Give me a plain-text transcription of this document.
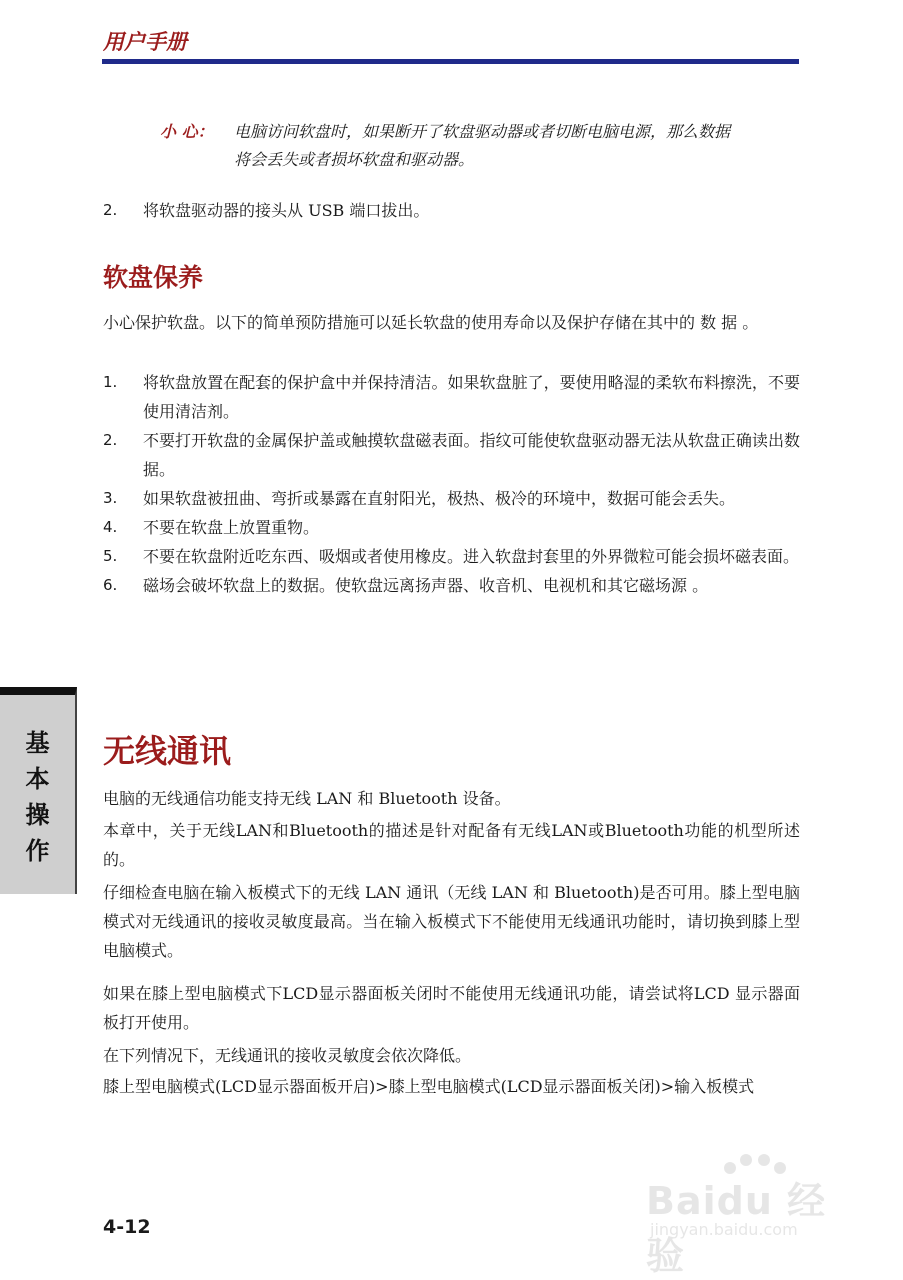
用户手册
小 心： 电脑访问软盘时，如果断开了软盘驱动器或者切断电脑电源，那么数据将会丢失或者损坏软盘和驱动器。
2. 将软盘驱动器的接头从 USB 端口拔出。
软盘保养
小心保护软盘。以下的简单预防措施可以延长软盘的使用寿命以及保护存储在其中的 数 据 。
1. 将软盘放置在配套的保护盒中并保持清洁。如果软盘脏了，要使用略湿的柔软布料擦洗，不要使用清洁剂。
2. 不要打开软盘的金属保护盖或触摸软盘磁表面。指纹可能使软盘驱动器无法从软盘正确读出数据。
3. 如果软盘被扭曲、弯折或暴露在直射阳光，极热、极冷的环境中，数据可能会丢失。
4. 不要在软盘上放置重物。
5. 不要在软盘附近吃东西、吸烟或者使用橡皮。进入软盘封套里的外界微粒可能会损坏磁表面。
6. 磁场会破坏软盘上的数据。使软盘远离扬声器、收音机、电视机和其它磁场源 。
基
本
操
作
无线通讯
电脑的无线通信功能支持无线 LAN 和 Bluetooth 设备。
本章中，关于无线LAN和Bluetooth的描述是针对配备有无线LAN或Bluetooth功能的机型所述的。
仔细检查电脑在输入板模式下的无线 LAN 通讯（无线 LAN 和 Bluetooth)是否可用。膝上型电脑模式对无线通讯的接收灵敏度最高。当在输入板模式下不能使用无线通讯功能时，请切换到膝上型电脑模式。
如果在膝上型电脑模式下LCD显示器面板关闭时不能使用无线通讯功能，请尝试将LCD 显示器面板打开使用。
在下列情况下，无线通讯的接收灵敏度会依次降低。
膝上型电脑模式(LCD显示器面板开启)>膝上型电脑模式(LCD显示器面板关闭)>输入板模式
4-12
Baidu 经验
jingyan.baidu.com
